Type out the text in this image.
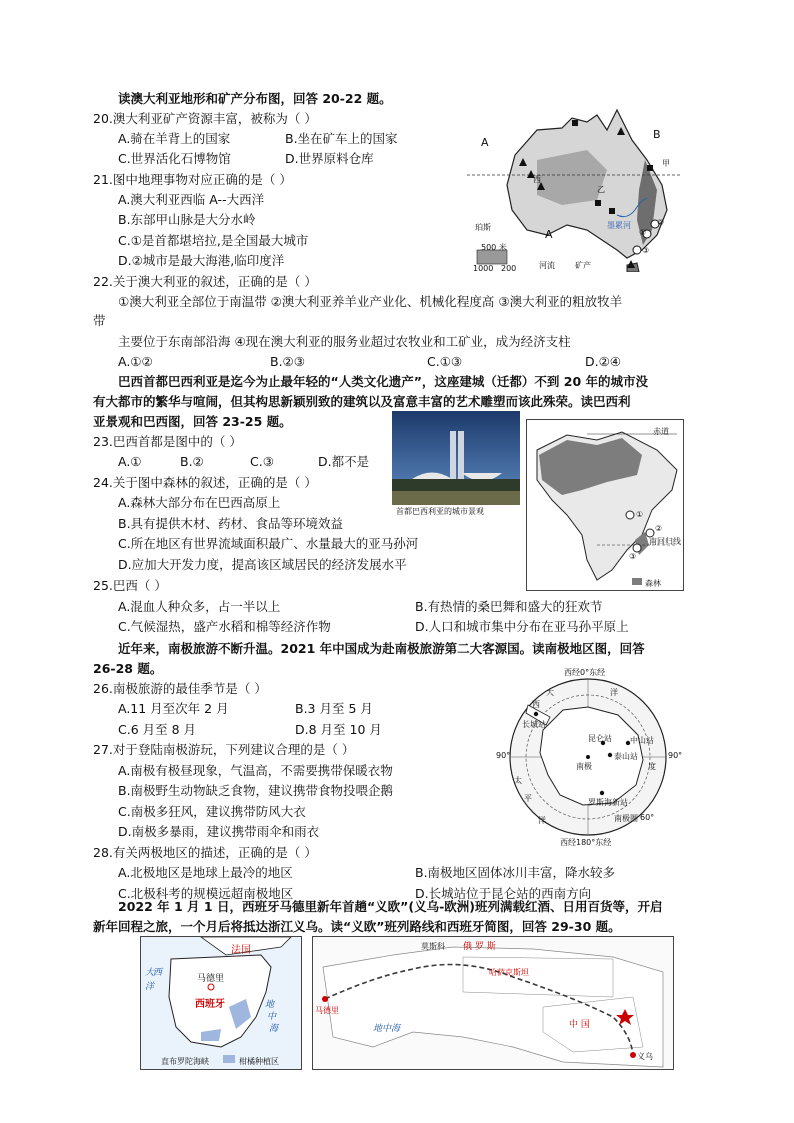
读澳大利亚地形和矿产分布图，回答 20-22 题。
20.澳大利亚矿产资源丰富，被称为（ ）
A.骑在羊背上的国家	B.坐在矿车上的国家
C.世界活化石博物馆	D.世界原料仓库
21.图中地理事物对应正确的是（ ）
A.澳大利亚西临 A--大西洋
B.东部甲山脉是大分水岭
C.①是首都堪培拉,是全国最大城市
D.②城市是最大海港,临印度洋
22.关于澳大利亚的叙述，正确的是（ ）
①澳大利亚全部位于南温带 ②澳大利亚养羊业产业化、机械化程度高 ③澳大利亚的粗放牧羊
带
主要位于东南部沿海 ④现在澳大利亚的服务业超过农牧业和工矿业，成为经济支柱
A.①②	B.②③	C.①③	D.②④
A
B
A
西
乙
甲
珀斯
②
①
③
墨累河
500 米
1000 200	河流	矿产
巴西首都巴西利亚是迄今为止最年轻的“人类文化遗产”，这座建城（迁都）不到 20 年的城市没
有大都市的繁华与喧闹，但其构思新颖别致的建筑以及富意丰富的艺术雕塑而该此殊荣。读巴西利
亚景观和巴西图，回答 23-25 题。
23.巴西首都是图中的（ ）
A.①	B.②	C.③	D.都不是
24.关于图中森林的叙述，正确的是（ ）
A.森林大部分布在巴西高原上
B.具有提供木材、药材、食品等环境效益
C.所在地区有世界流域面积最广、水量最大的亚马孙河
D.应加大开发力度，提高该区域居民的经济发展水平
25.巴西（ ）
A.混血人种众多，占一半以上	B.有热情的桑巴舞和盛大的狂欢节
C.气候湿热，盛产水稻和棉等经济作物	D.人口和城市集中分布在亚马孙平原上
首都巴西利亚的城市景观
赤道
南回归线
①
②
③
森林
近年来，南极旅游不断升温。2021 年中国成为赴南极旅游第二大客源国。读南极地区图，回答
26-28 题。
26.南极旅游的最佳季节是（ ）
A.11 月至次年 2 月	B.3 月至 5 月
C.6 月至 8 月	D.8 月至 10 月
27.对于登陆南极游玩，下列建议合理的是（ ）
A.南极有极昼现象，气温高，不需要携带保暖衣物
B.南极野生动物缺乏食物，建议携带食物投喂企鹅
C.南极多狂风，建议携带防风大衣
D.南极多暴雨，建议携带雨伞和雨衣
28.有关两极地区的描述，正确的是（ ）
A.北极地区是地球上最冷的地区	B.南极地区固体冰川丰富，降水较多
C.北极科考的规模远超南极地区	D.长城站位于昆仑站的西南方向
西经0°东经
西经180°东经
90°	90°
长城站
昆仑站 中山站
泰山站
南极
罗斯海新站
大	洋
平
洋
西
太
度
60°
南极圈
2022 年 1 月 1 日，西班牙马德里新年首趟“义欧”(义乌-欧洲)班列满载红酒、日用百货等，开启
新年回程之旅，一个月后将抵达浙江义乌。读“义欧”班列路线和西班牙简图，回答 29-30 题。
法国
马德里
西班牙
大
西
洋
地
中
海
直布罗陀海峡	柑橘种植区
俄 罗 斯
哈萨克斯坦
中 国
义乌
莫斯科
地中海
马德里
